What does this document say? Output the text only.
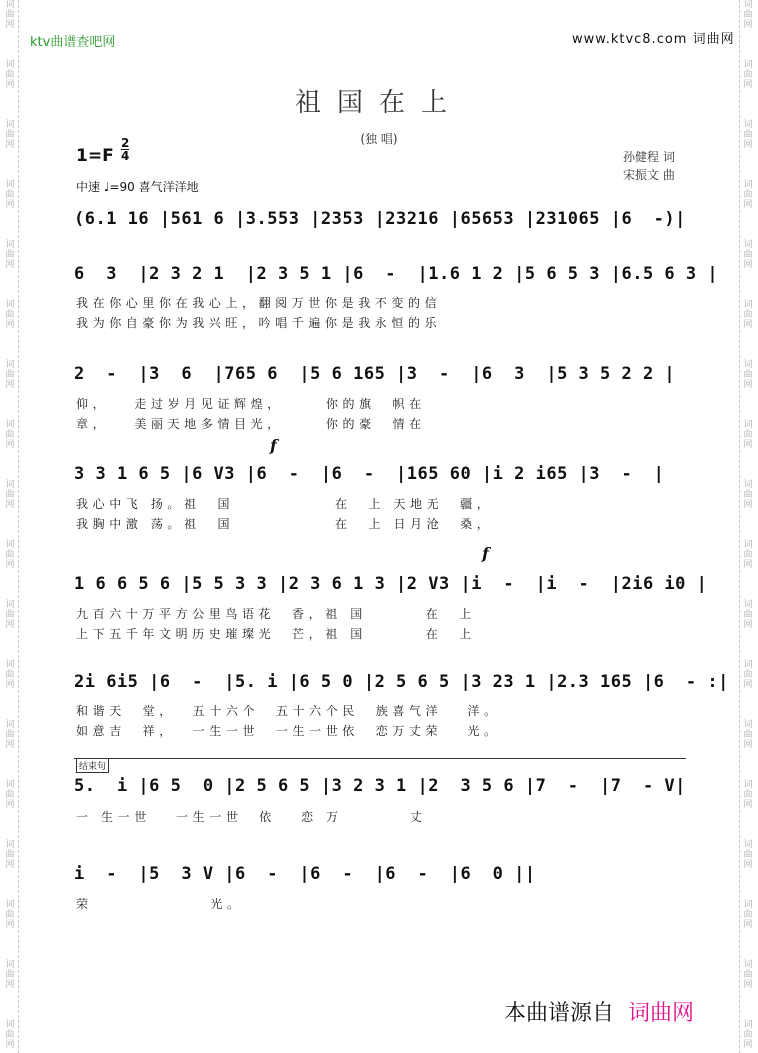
词
曲
网
词
曲
网
词
曲
网
词
曲
网
词
曲
网
词
曲
网
词
曲
网
词
曲
网
词
曲
网
词
曲
网
词
曲
网
词
曲
网
词
曲
网
词
曲
网
词
曲
网
词
曲
网
词
曲
网
词
曲
网
词
曲
网
词
曲
网
词
曲
网
词
曲
网
词
曲
网
词
曲
网
词
曲
网
词
曲
网
词
曲
网
词
曲
网
词
曲
网
词
曲
网
词
曲
网
词
曲
网
词
曲
网
词
曲
网
词
曲
网
词
曲
网
ktv曲谱查吧网	www.ktvc8.com 词曲网
祖国在上
(独 唱)
$1=F \frac{2}{4}$
中速 ♩=90 喜气洋洋地
孙健程 词
宋振文 曲
(6.1 16 |561 6 |3.553 |2353 |23216 |65653 |231065 |6  -)|
6  3  |2 3 2 1  |2 3 5 1 |6  -  |1.6 1 2 |5 6 5 3 |6.5 6 3 |
我在你心里你在我心上，翻阅万世你是我不变的信
我为你自豪你为我兴旺，吟唱千遍你是我永恒的乐
2  -  |3  6  |765 6  |5 6 165 |3  -  |6  3  |5 3 5 2 2 |
仰，   走过岁月见证辉煌，     你的旗  帜在
章，   美丽天地多情目光，     你的豪  情在
f
3 3 1 6 5 |6 V3 |6  -  |6  -  |165 60 |i 2 i65 |3  -  |
我心中飞 扬。祖  国            在  上 天地无  疆，
我胸中激 荡。祖  国            在  上 日月沧  桑，
f
1 6 6 5 6 |5 5 3 3 |2 3 6 1 3 |2 V3 |i  -  |i  -  |2i6 i0 |
九百六十万平方公里鸟语花  香，祖 国       在  上
上下五千年文明历史璀璨光  芒，祖 国       在  上
2i 6i5 |6  -  |5. i |6 5 0 |2 5 6 5 |3 23 1 |2.3 165 |6  - :|
和谐天  堂，  五十六个  五十六个民  族喜气洋   洋。
如意吉  祥，  一生一世  一生一世依  恋万丈荣   光。
结束句
5.  i |6 5  0 |2 5 6 5 |3 2 3 1 |2  3 5 6 |7  -  |7  - V|
一 生一世   一生一世  依   恋 万        丈
i  -  |5  3 V |6  -  |6  -  |6  -  |6  0 ||
荣              光。
本曲谱源自 词曲网
